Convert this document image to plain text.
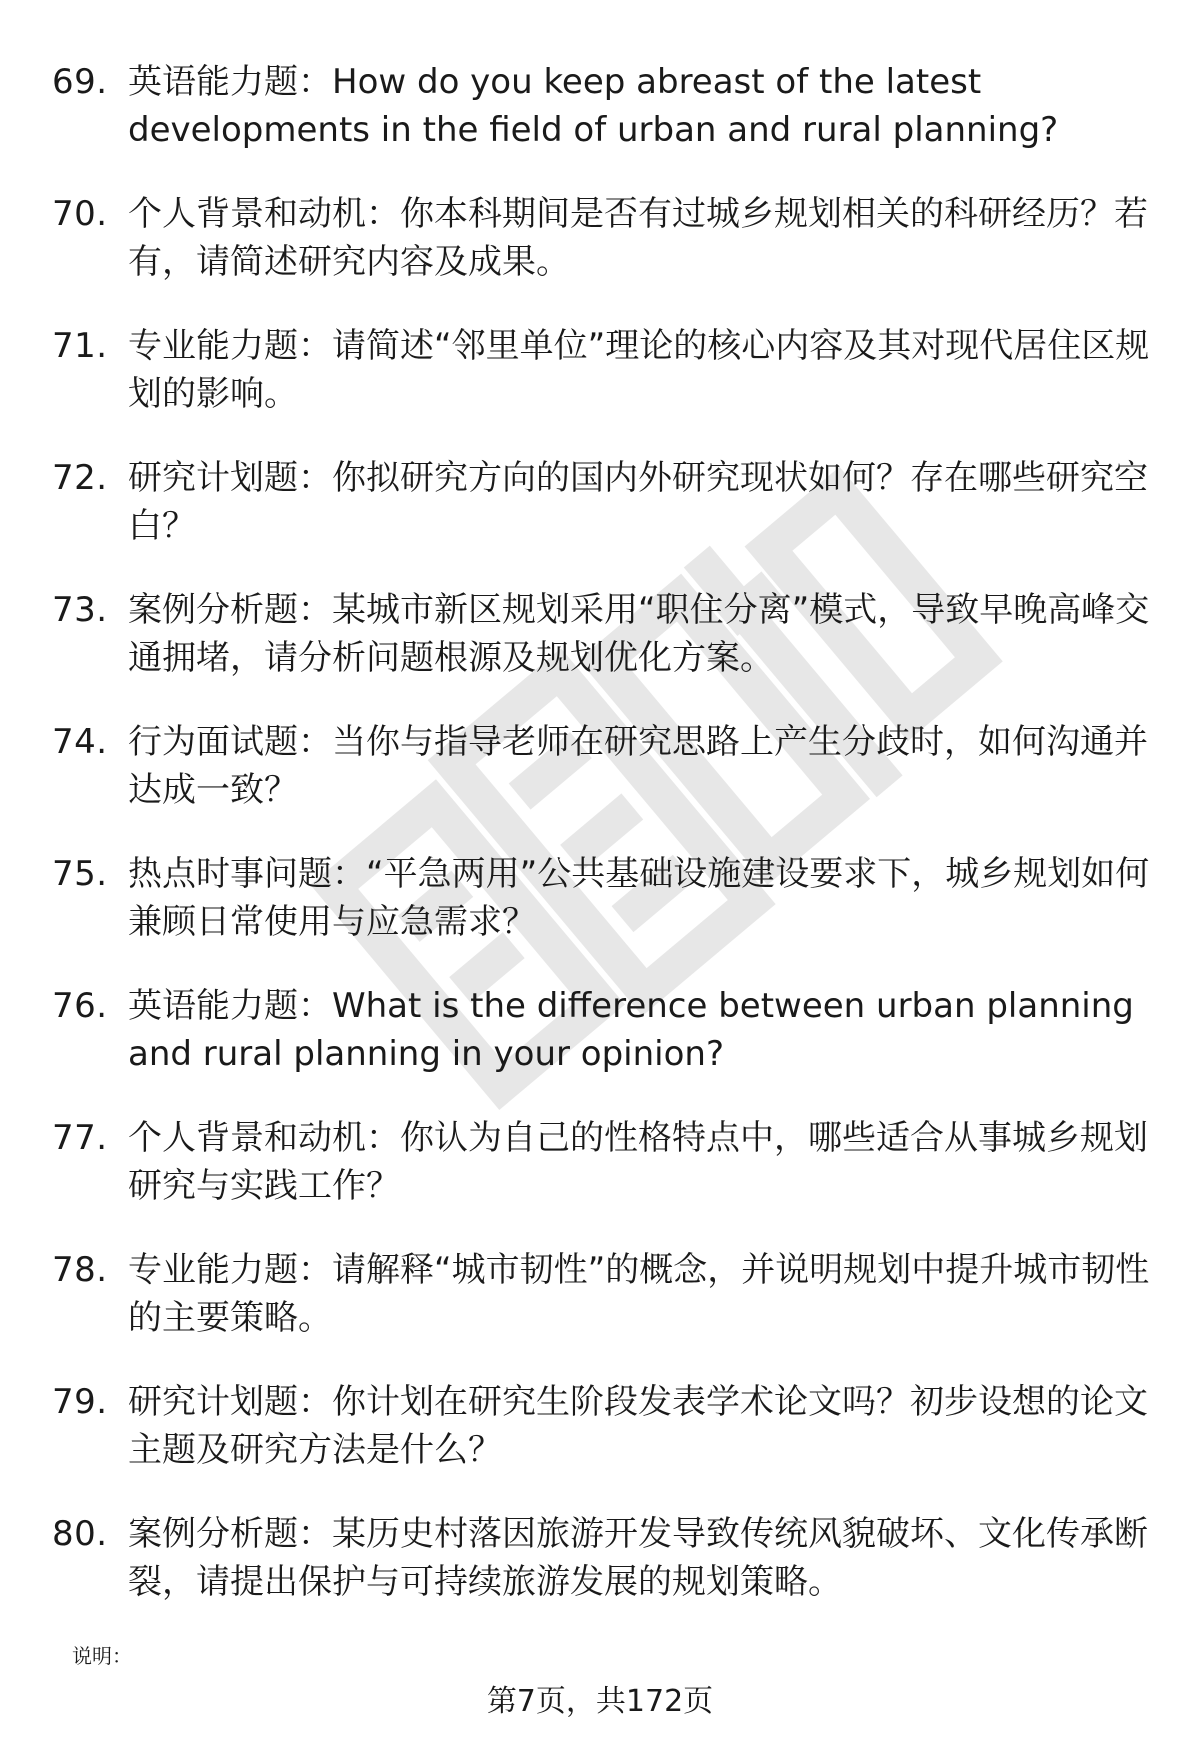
69. 英语能力题：How do you keep abreast of the latest developments in the field of urban and rural planning?
70. 个人背景和动机：你本科期间是否有过城乡规划相关的科研经历？若有，请简述研究内容及成果。
71. 专业能力题：请简述“邻里单位”理论的核心内容及其对现代居住区规划的影响。
72. 研究计划题：你拟研究方向的国内外研究现状如何？存在哪些研究空白？
73. 案例分析题：某城市新区规划采用“职住分离”模式，导致早晚高峰交通拥堵，请分析问题根源及规划优化方案。
74. 行为面试题：当你与指导老师在研究思路上产生分歧时，如何沟通并达成一致？
75. 热点时事问题：“平急两用”公共基础设施建设要求下，城乡规划如何兼顾日常使用与应急需求？
76. 英语能力题：What is the difference between urban planning and rural planning in your opinion?
77. 个人背景和动机：你认为自己的性格特点中，哪些适合从事城乡规划研究与实践工作？
78. 专业能力题：请解释“城市韧性”的概念，并说明规划中提升城市韧性的主要策略。
79. 研究计划题：你计划在研究生阶段发表学术论文吗？初步设想的论文主题及研究方法是什么？
80. 案例分析题：某历史村落因旅游开发导致传统风貌破坏、文化传承断裂，请提出保护与可持续旅游发展的规划策略。
说明：
第7页，共172页
